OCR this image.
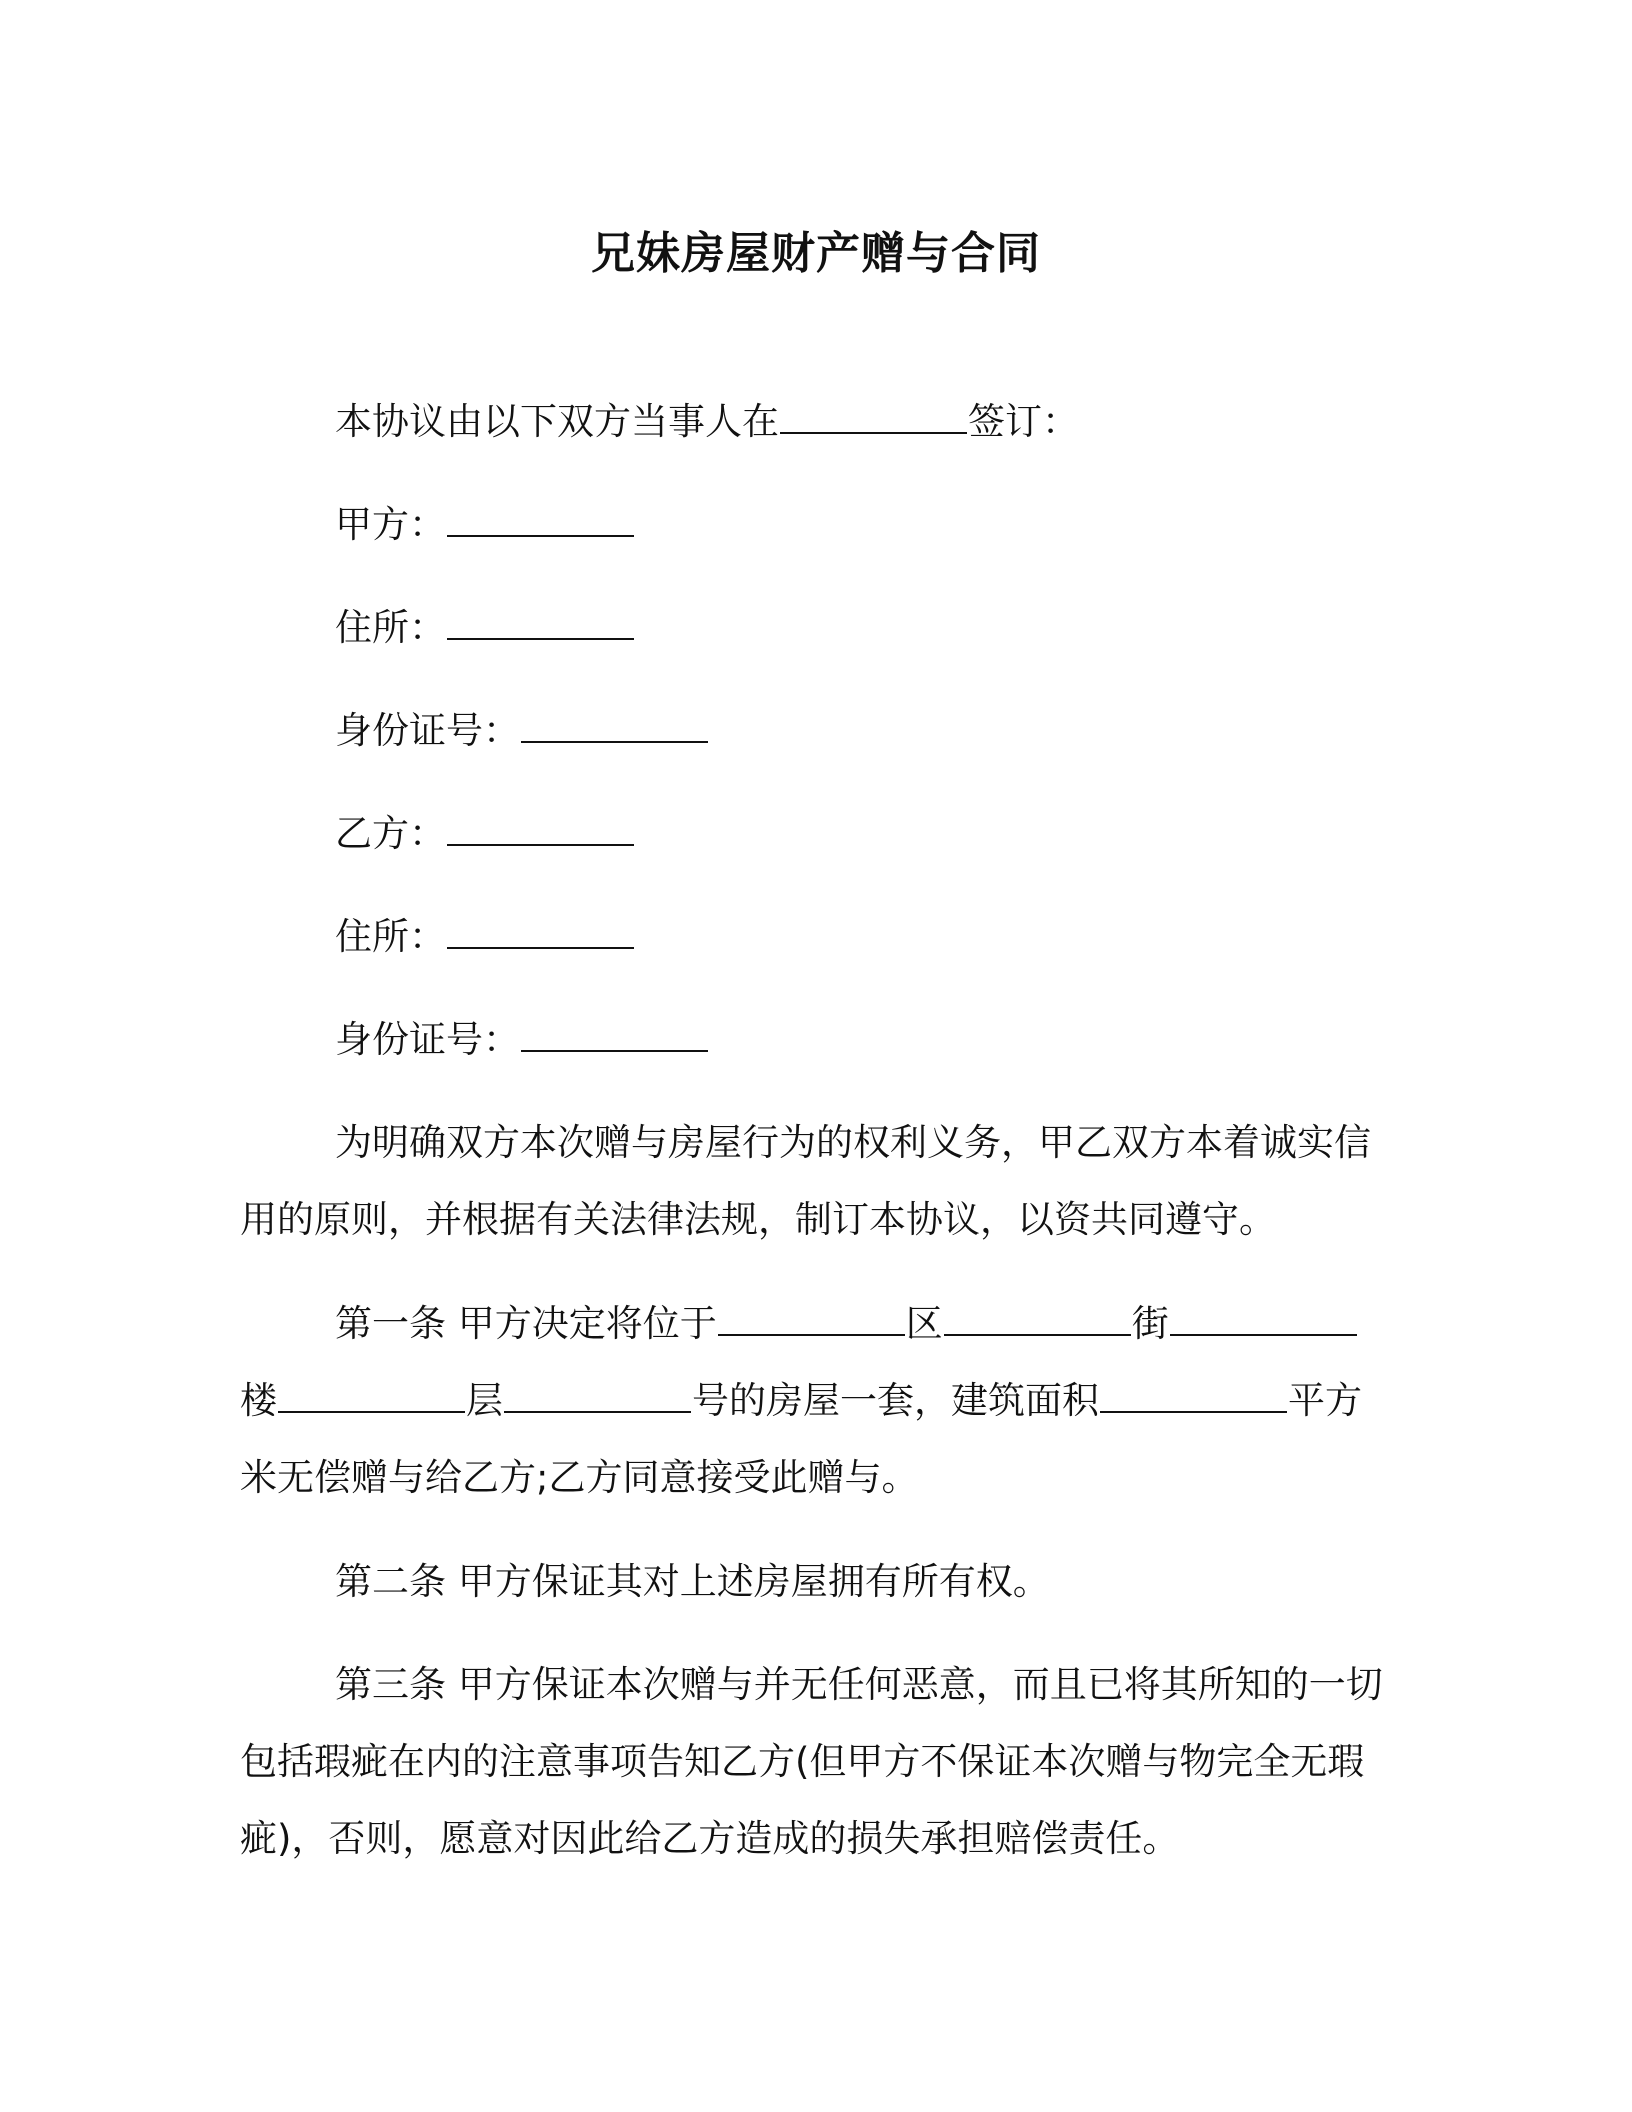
兄妹房屋财产赠与合同
本协议由以下双方当事人在	签订：
甲方：
住所：
身份证号：
乙方：
住所：
身份证号：
为明确双方本次赠与房屋行为的权利义务，甲乙双方本着诚实信
用的原则，并根据有关法律法规，制订本协议，以资共同遵守。
第一条 甲方决定将位于	区	街
楼	层	号的房屋一套，建筑面积	平方
米无偿赠与给乙方;乙方同意接受此赠与。
第二条 甲方保证其对上述房屋拥有所有权。
第三条 甲方保证本次赠与并无任何恶意，而且已将其所知的一切
包括瑕疵在内的注意事项告知乙方(但甲方不保证本次赠与物完全无瑕
疵)，否则，愿意对因此给乙方造成的损失承担赔偿责任。
